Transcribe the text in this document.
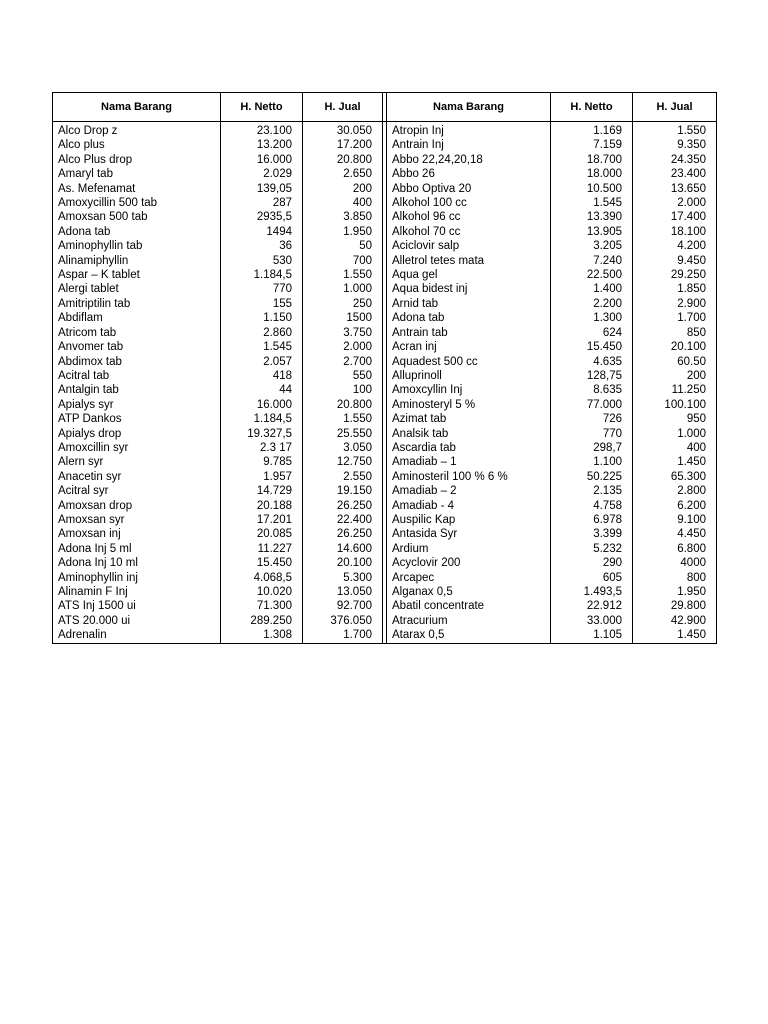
Nama Barang	H. Netto	H. Jual		Nama Barang	H. Netto	H. Jual
Alco Drop z	23.100	30.050		Atropin Inj	1.169	1.550
Alco plus	13.200	17.200		Antrain Inj	7.159	9.350
Alco Plus drop	16.000	20.800		Abbo 22,24,20,18	18.700	24.350
Amaryl tab	2.029	2.650		Abbo 26	18.000	23.400
As. Mefenamat	139,05	200		Abbo Optiva 20	10.500	13.650
Amoxycillin 500 tab	287	400		Alkohol 100 cc	1.545	2.000
Amoxsan 500 tab	2935,5	3.850		Alkohol 96 cc	13.390	17.400
Adona tab	1494	1.950		Alkohol 70 cc	13.905	18.100
Aminophyllin tab	36	50		Aciclovir salp	3.205	4.200
Alinamiphyllin	530	700		Alletrol tetes mata	7.240	9.450
Aspar – K tablet	1.184,5	1.550		Aqua gel	22.500	29.250
Alergi tablet	770	1.000		Aqua bidest inj	1.400	1.850
Amitriptilin tab	155	250		Arnid tab	2.200	2.900
Abdiflam	1.150	1500		Adona tab	1.300	1.700
Atricom tab	2.860	3.750		Antrain tab	624	850
Anvomer tab	1.545	2.000		Acran inj	15.450	20.100
Abdimox tab	2.057	2.700		Aquadest 500 cc	4.635	60.50
Acitral tab	418	550		Alluprinoll	128,75	200
Antalgin tab	44	100		Amoxcyllin Inj	8.635	11.250
Apialys syr	16.000	20.800		Aminosteryl 5 %	77.000	100.100
ATP Dankos	1.184,5	1.550		Azimat tab	726	950
Apialys drop	19.327,5	25.550		Analsik tab	770	1.000
Amoxcillin syr	2.3 17	3.050		Ascardia tab	298,7	400
Alern syr	9.785	12.750		Amadiab – 1	1.100	1.450
Anacetin syr	1.957	2.550		Aminosteril 100 % 6 %	50.225	65.300
Acitral syr	14.729	19.150		Amadiab – 2	2.135	2.800
Amoxsan drop	20.188	26.250		Amadiab - 4	4.758	6.200
Amoxsan syr	17.201	22.400		Auspilic Kap	6.978	9.100
Amoxsan inj	20.085	26.250		Antasida Syr	3.399	4.450
Adona Inj 5 ml	11.227	14.600		Ardium	5.232	6.800
Adona Inj 10 ml	15.450	20.100		Acyclovir 200	290	4000
Aminophyllin inj	4.068,5	5.300		Arcapec	605	800
Alinamin F Inj	10.020	13.050		Alganax 0,5	1.493,5	1.950
ATS Inj 1500 ui	71.300	92.700		Abatil concentrate	22.912	29.800
ATS 20.000 ui	289.250	376.050		Atracurium	33.000	42.900
Adrenalin	1.308	1.700		Atarax 0,5	1.105	1.450
